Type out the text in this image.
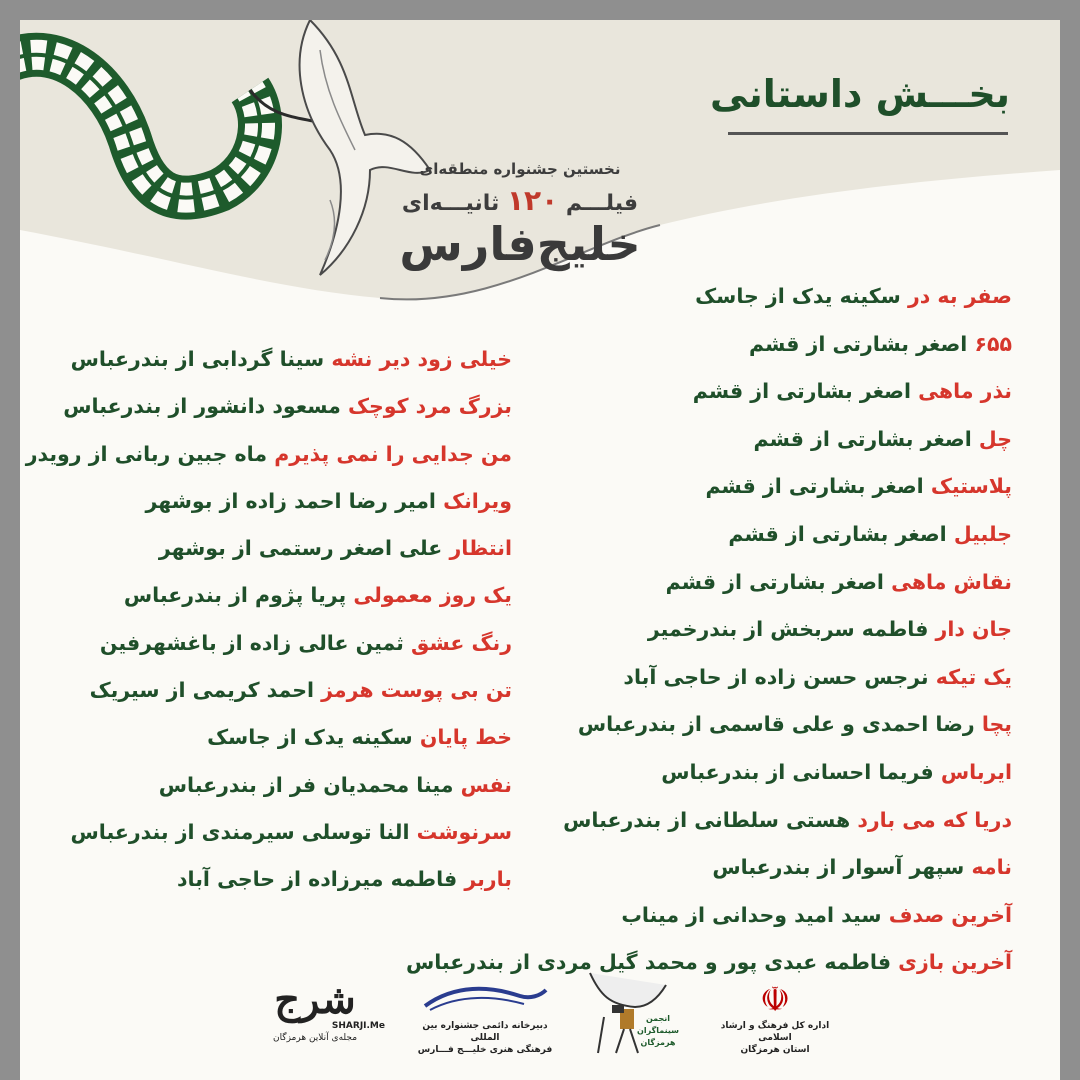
بخـــش داستانی
نخستین جشنواره منطقه‌ای
فیلـــم ۱۲۰ ثانیـــه‌ای
خلیج‌فارس
صفر به در سکینه یدک از جاسک
۶۵۵ اصغر بشارتی از قشم
نذر ماهی اصغر بشارتی از قشم
چل اصغر بشارتی از قشم
پلاستیک اصغر بشارتی از قشم
جلبیل اصغر بشارتی از قشم
نقاش ماهی اصغر بشارتی از قشم
جان دار فاطمه سربخش از بندرخمیر
یک تیکه نرجس حسن زاده از حاجی آباد
پچا رضا احمدی و علی قاسمی از بندرعباس
ایرباس فریما احسانی از بندرعباس
دریا که می بارد هستی سلطانی از بندرعباس
نامه سپهر آسوار از بندرعباس
آخرین صدف سید امید وحدانی از میناب
آخرین بازی فاطمه عبدی پور و محمد گیل مردی از بندرعباس
خیلی زود دیر نشه سینا گردابی از بندرعباس
بزرگ مرد کوچک مسعود دانشور از بندرعباس
من جدایی را نمی پذیرم ماه جبین ربانی از رویدر
ویرانک امیر رضا احمد زاده از بوشهر
انتظار علی اصغر رستمی از بوشهر
یک روز معمولی پریا پژوم از بندرعباس
رنگ عشق ثمین عالی زاده از باغشهرفین
تن بی پوست هرمز احمد کریمی از سیریک
خط پایان سکینه یدک از جاسک
نفس مینا محمدیان فر از بندرعباس
سرنوشت النا توسلی سیرمندی از بندرعباس
باربر فاطمه میرزاده از حاجی آباد
ﺷﺮﺝ
SHARJI.Me
مجله‌ی آنلاین هرمزگان
دبیرخانه دائمی جشنواره بین المللی
فرهنگی هنری خلیـــج فـــارس
انجمن سینماگران هرمزگان
☫
اداره کل فرهنگ و ارشاد اسلامی
استان هرمزگان
